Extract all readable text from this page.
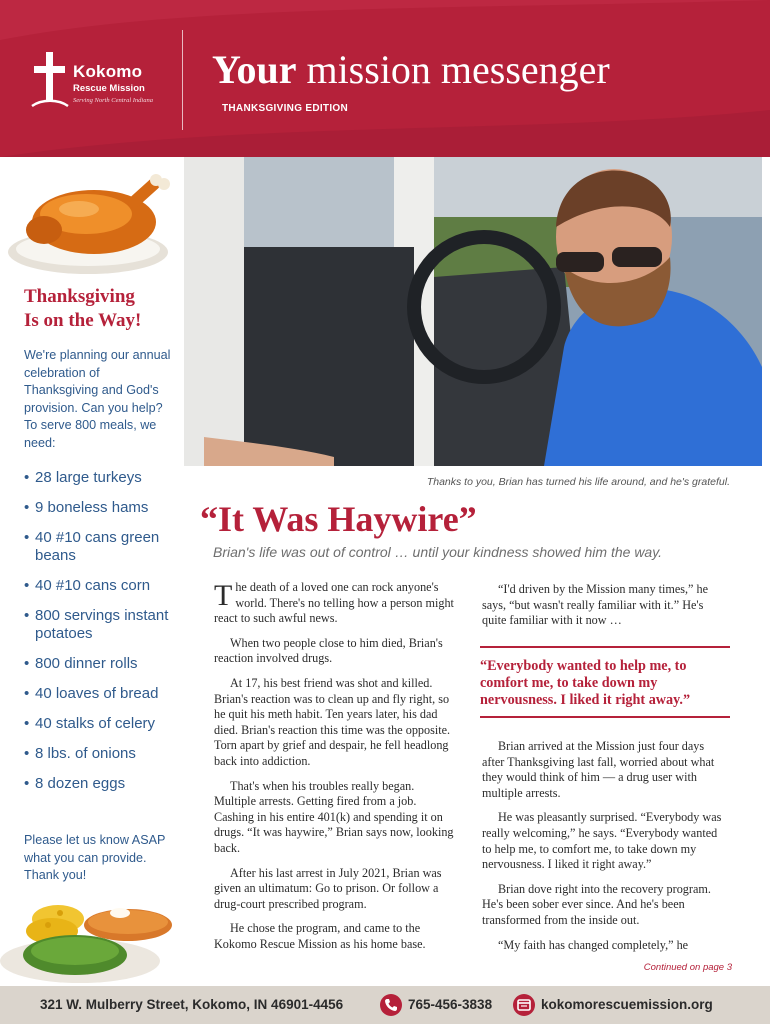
Kokomo
Rescue Mission
Serving North Central Indiana
Your mission messenger
THANKSGIVING EDITION
Thanksgiving
Is on the Way!
We're planning our annual celebration of Thanksgiving and God's provision. Can you help? To serve 800 meals, we need:
• 28 large turkeys
• 9 boneless hams
• 40 #10 cans green beans
• 40 #10 cans corn
• 800 servings instant potatoes
• 800 dinner rolls
• 40 loaves of bread
• 40 stalks of celery
• 8 lbs. of onions
• 8 dozen eggs
Please let us know ASAP what you can provide. Thank you!
Thanks to you, Brian has turned his life around, and he's grateful.
“It Was Haywire”
Brian's life was out of control … until your kindness showed him the way.

The death of a loved one can rock anyone's world. There's no telling how a person might react to such awful news.

When two people close to him died, Brian's reaction involved drugs.

At 17, his best friend was shot and killed. Brian's reaction was to clean up and fly right, so he quit his meth habit. Ten years later, his dad died. Brian's reaction this time was the opposite. Torn apart by grief and despair, he fell headlong back into addiction.

That's when his troubles really began. Multiple arrests. Getting fired from a job. Cashing in his entire 401(k) and spending it on drugs. “It was haywire,” Brian says now, looking back.

After his last arrest in July 2021, Brian was given an ultimatum: Go to prison. Or follow a drug-court prescribed program.

He chose the program, and came to the Kokomo Rescue Mission as his home base.

“I'd driven by the Mission many times,” he says, “but wasn't really familiar with it.” He's quite familiar with it now …

“Everybody wanted to help me, to comfort me, to take down my nervousness. I liked it right away.”

Brian arrived at the Mission just four days after Thanksgiving last fall, worried about what they would think of him — a drug user with multiple arrests.

He was pleasantly surprised. “Everybody was really welcoming,” he says. “Everybody wanted to help me, to comfort me, to take down my nervousness. I liked it right away.”

Brian dove right into the recovery program. He's been sober ever since. And he's been transformed from the inside out.

“My faith has changed completely,” he

Continued on page 3
321 W. Mulberry Street, Kokomo, IN 46901-4456	765-456-3838	kokomorescuemission.org
